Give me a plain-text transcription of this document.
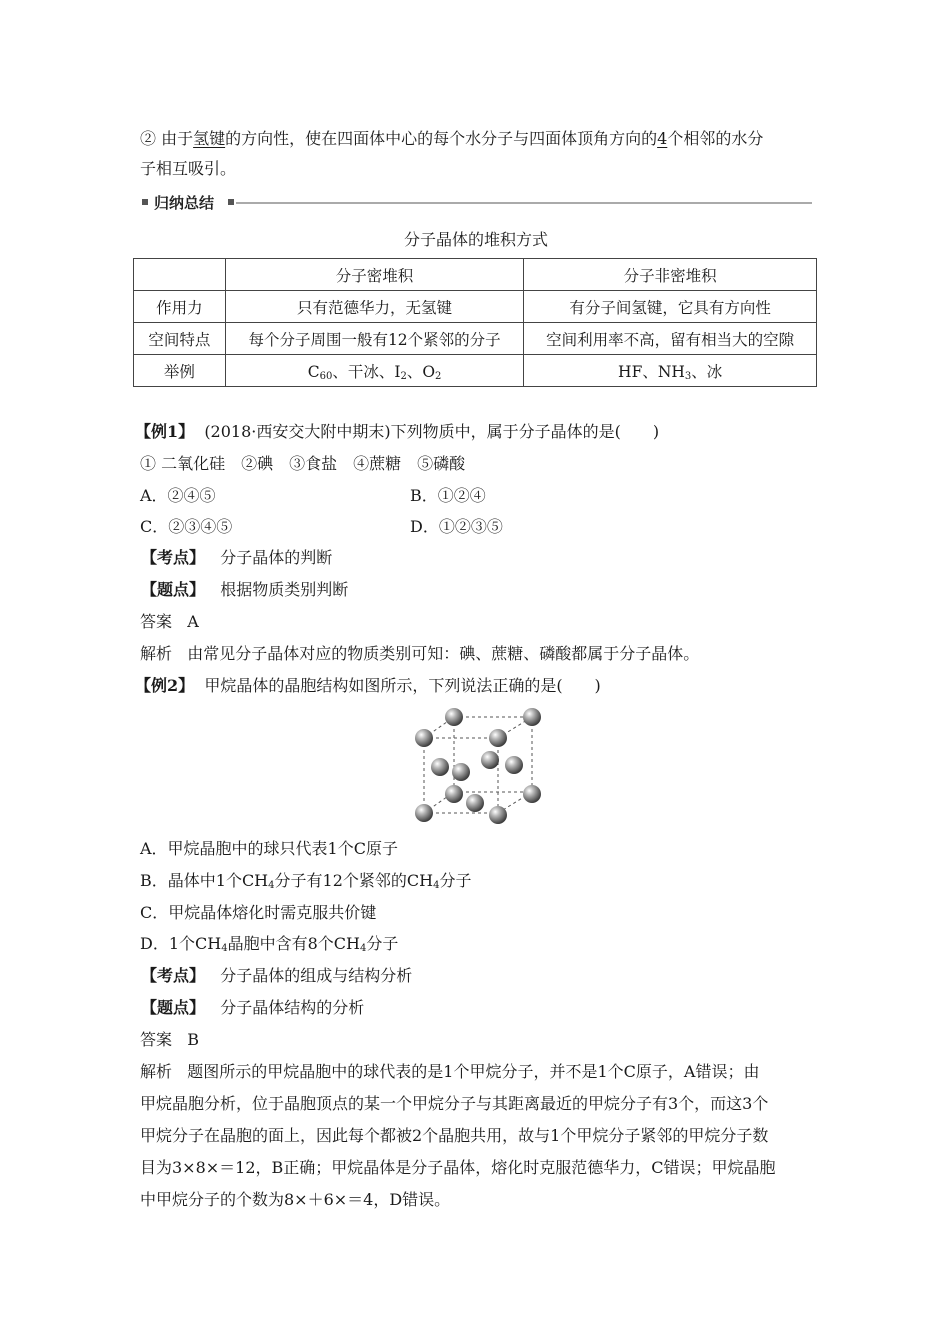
② 由于氢键的方向性，使在四面体中心的每个水分子与四面体顶角方向的4个相邻的水分
子相互吸引。
归纳总结
分子晶体的堆积方式
	分子密堆积	分子非密堆积
作用力	只有范德华力，无氢键	有分子间氢键，它具有方向性
空间特点	每个分子周围一般有12个紧邻的分子	空间利用率不高，留有相当大的空隙
举例	$C_{60}$、干冰、$I_2$、$O_2$	HF、$NH_3$、冰
【例1】 (2018·西安交大附中期末)下列物质中，属于分子晶体的是(　　)
① 二氧化硅　②碘　③食盐　④蔗糖　⑤磷酸
A．②④⑤	B．①②④
C．②③④⑤	D．①②③⑤
【考点】 分子晶体的判断
【题点】 根据物质类别判断
答案 A
解析 由常见分子晶体对应的物质类别可知：碘、蔗糖、磷酸都属于分子晶体。
【例2】 甲烷晶体的晶胞结构如图所示，下列说法正确的是(　　)
A．甲烷晶胞中的球只代表1个C原子
B．晶体中1个$CH_4$分子有12个紧邻的$CH_4$分子
C．甲烷晶体熔化时需克服共价键
D．1个$CH_4$晶胞中含有8个$CH_4$分子
【考点】 分子晶体的组成与结构分析
【题点】 分子晶体结构的分析
答案 B
解析 题图所示的甲烷晶胞中的球代表的是1个甲烷分子，并不是1个C原子，A错误；由
甲烷晶胞分析，位于晶胞顶点的某一个甲烷分子与其距离最近的甲烷分子有3个，而这3个
甲烷分子在晶胞的面上，因此每个都被2个晶胞共用，故与1个甲烷分子紧邻的甲烷分子数
目为3×8×＝12，B正确；甲烷晶体是分子晶体，熔化时克服范德华力，C错误；甲烷晶胞
中甲烷分子的个数为8×＋6×＝4，D错误。
